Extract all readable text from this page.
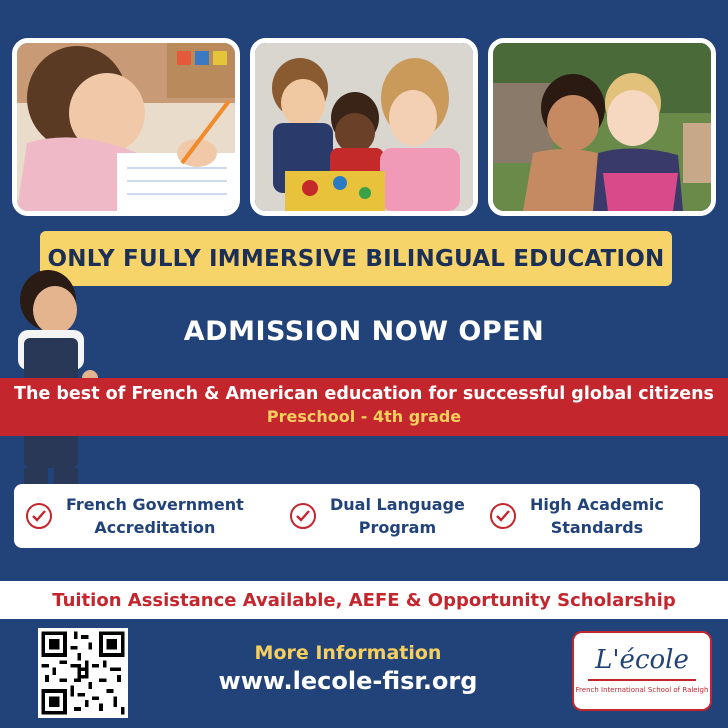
ONLY FULLY IMMERSIVE BILINGUAL EDUCATION
ADMISSION NOW OPEN
The best of French & American education for successful global citizens
Preschool - 4th grade
French Government
Accreditation
Dual Language
Program
High Academic
Standards
Tuition Assistance Available, AEFE & Opportunity Scholarship
More Information
www.lecole-fisr.org
L'école
French International School of Raleigh
